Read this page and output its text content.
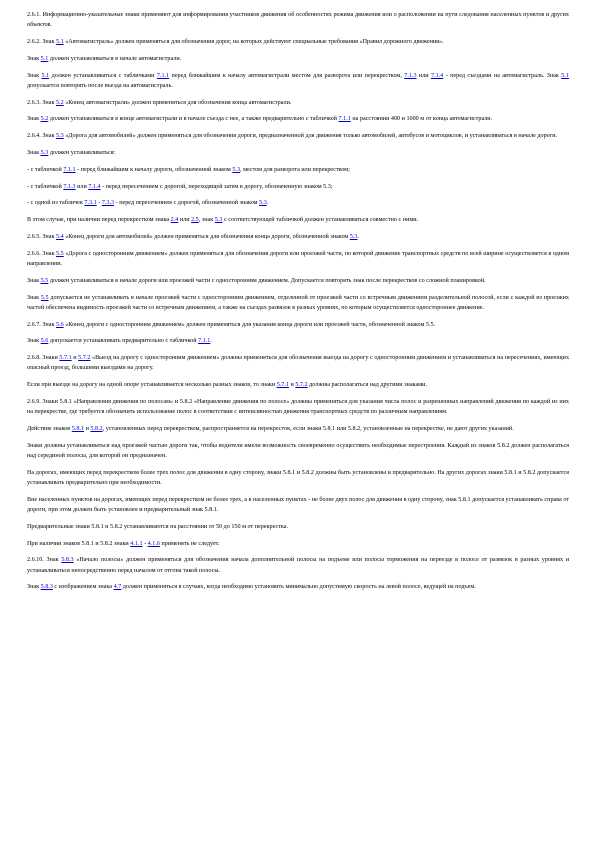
2.6.1. Информационно-указательные знаки применяют для информирования участников движения об особенностях режима движения или о расположении на пути следования населенных пунктов и других объектов.

2.6.2. Знак 5.1 «Автомагистраль» должен применяться для обозначения дорог, на которых действуют специальные требования «Правил дорожного движения».

Знак 5.1 должен устанавливаться в начале автомагистрали.

Знак 5.1 должен устанавливаться с табличками 7.1.1 перед ближайшим к началу автомагистрали местом для разворота или перекрестком, 7.1.3 или 7.1.4 - перед съездами на автомагистраль. Знак 5.1 допускается повторять после въезда на автомагистраль.

2.6.3. Знак 5.2 «Конец автомагистрали» должен применяться для обозначения конца автомагистрали.

Знак 5.2 должен устанавливаться в конце автомагистрали и в начале съезда с нее, а также предварительно с табличкой 7.1.1 на расстоянии 400 и 1000 м от конца автомагистрали.

2.6.4. Знак 5.3 «Дорога для автомобилей» должен применяться для обозначения дороги, предназначенной для движения только автомобилей, автобусов и мотоциклов, и устанавливаться в начале дороги.

Знак 5.3 должен устанавливаться:

- с табличкой 7.1.1 - перед ближайшим к началу дороги, обозначенной знаком 5.3, местом для разворота или перекрестком;

- с табличкой 7.1.3 или 7.1.4 - перед пересечением с дорогой, переходящей затем в дорогу, обозначенную знаком 5.3;

- с одной из табличек 7.3.1 - 7.3.3 - перед пересечением с дорогой, обозначенной знаком 5.3.

В этом случае, при наличии перед перекрестком знака 2.4 или 2.5, знак 5.3 с соответствующей табличкой должен устанавливаться совместно с ними.

2.6.5. Знак 5.4 «Конец дороги для автомобилей» должен применяться для обозначения конца дороги, обозначенной знаком 5.3.

2.6.6. Знак 5.5 «Дорога с односторонним движением» должен применяться для обозначения дороги или проезжей части, по которой движение транспортных средств по всей ширине осуществляется в одном направлении.

Знак 5.5 должен устанавливаться в начале дороги или проезжей части с односторонним движением. Допускается повторять знак после перекрестков со сложной планировкой.

Знак 5.5 допускается не устанавливать в начале проезжей части с односторонним движением, отделенной от проезжей части со встречным движением разделительной полосой, если с каждой из проезжих частей обеспечена видимость проезжей части со встречным движением, а также на съездах развязок в разных уровнях, по которым осуществляется одностороннее движение.

2.6.7. Знак 5.6 «Конец дороги с односторонним движением» должен применяться для указания конца дороги или проезжей части, обозначенной знаком 5.5.

Знак 5.6 допускается устанавливать предварительно с табличкой 7.1.1.

2.6.8. Знаки 5.7.1 и 5.7.2 «Выезд на дорогу с односторонним движением» должны применяться для обозначения выезда на дорогу с односторонним движением и устанавливаться на пересечениях, имеющих опасный проезд, большими выездами на дорогу.

Если при выезде на дорогу на одной опоре устанавливается несколько разных знаков, то знаки 5.7.1 и 5.7.2 должны располагаться над другими знаками.

2.6.9. Знаки 5.8.1 «Направления движения по полосам» и 5.8.2 «Направление движения по полосе» должны применяться для указания числа полос и разрешенных направлений движения по каждой из них на перекрестке, где требуется обозначить использование полос в соответствии с интенсивностью движения транспортных средств по различным направлениям.

Действие знаков 5.8.1 и 5.8.2, установленных перед перекрестком, распространяется на перекресток, если знаки 5.8.1 или 5.8.2, установленные на перекрестке, не дают других указаний.

Знаки должны устанавливаться над проезжей частью дороги так, чтобы водители имели возможность своевременно осуществить необходимые перестроения. Каждый из знаков 5.8.2 должен располагаться над серединой полосы, для которой он предназначен.

На дорогах, имеющих перед перекрестком более трех полос для движения в одну сторону, знаки 5.8.1 и 5.8.2 должны быть установлены и предварительно. На других дорогах знаки 5.8.1 и 5.8.2 допускается устанавливать предварительно при необходимости.

Вне населенных пунктов на дорогах, имеющих перед перекрестком не более трех, а в населенных пунктах - не более двух полос для движения в одну сторону, знак 5.8.1 допускается устанавливать справа от дороги, при этом должен быть установлен и предварительный знак 5.8.1.

Предварительные знаки 5.8.1 и 5.8.2 устанавливаются на расстоянии от 50 до 150 м от перекрестка.

При наличии знаков 5.8.1 и 5.8.2 знаки 4.1.1 - 4.1.6 применять не следует.

2.6.10. Знак 5.8.3 «Начало полосы» должен применяться для обозначения начала дополнительной полосы на подъеме или полосы торможения на переезде в полосе от развязок в разных уровнях и устанавливаться непосредственно перед началом от отгона такой полосы.

Знак 5.8.3 с изображением знака 4.7 должен применяться в случаях, когда необходимо установить минимально допустимую скорость на левой полосе, ведущей на подъем.
